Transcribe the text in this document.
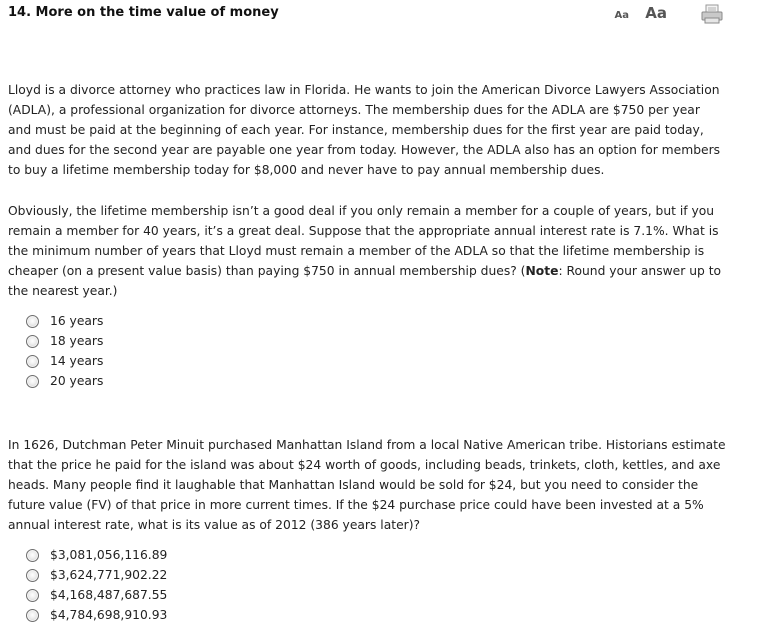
14. More on the time value of money	Aa Aa
Lloyd is a divorce attorney who practices law in Florida. He wants to join the American Divorce Lawyers Association (ADLA), a professional organization for divorce attorneys. The membership dues for the ADLA are $750 per year and must be paid at the beginning of each year. For instance, membership dues for the first year are paid today, and dues for the second year are payable one year from today. However, the ADLA also has an option for members to buy a lifetime membership today for $8,000 and never have to pay annual membership dues.
Obviously, the lifetime membership isn’t a good deal if you only remain a member for a couple of years, but if you remain a member for 40 years, it’s a great deal. Suppose that the appropriate annual interest rate is 7.1%. What is the minimum number of years that Lloyd must remain a member of the ADLA so that the lifetime membership is cheaper (on a present value basis) than paying $750 in annual membership dues? (Note: Round your answer up to the nearest year.)
16 years
18 years
14 years
20 years
In 1626, Dutchman Peter Minuit purchased Manhattan Island from a local Native American tribe. Historians estimate that the price he paid for the island was about $24 worth of goods, including beads, trinkets, cloth, kettles, and axe heads. Many people find it laughable that Manhattan Island would be sold for $24, but you need to consider the future value (FV) of that price in more current times. If the $24 purchase price could have been invested at a 5% annual interest rate, what is its value as of 2012 (386 years later)?
$3,081,056,116.89
$3,624,771,902.22
$4,168,487,687.55
$4,784,698,910.93
